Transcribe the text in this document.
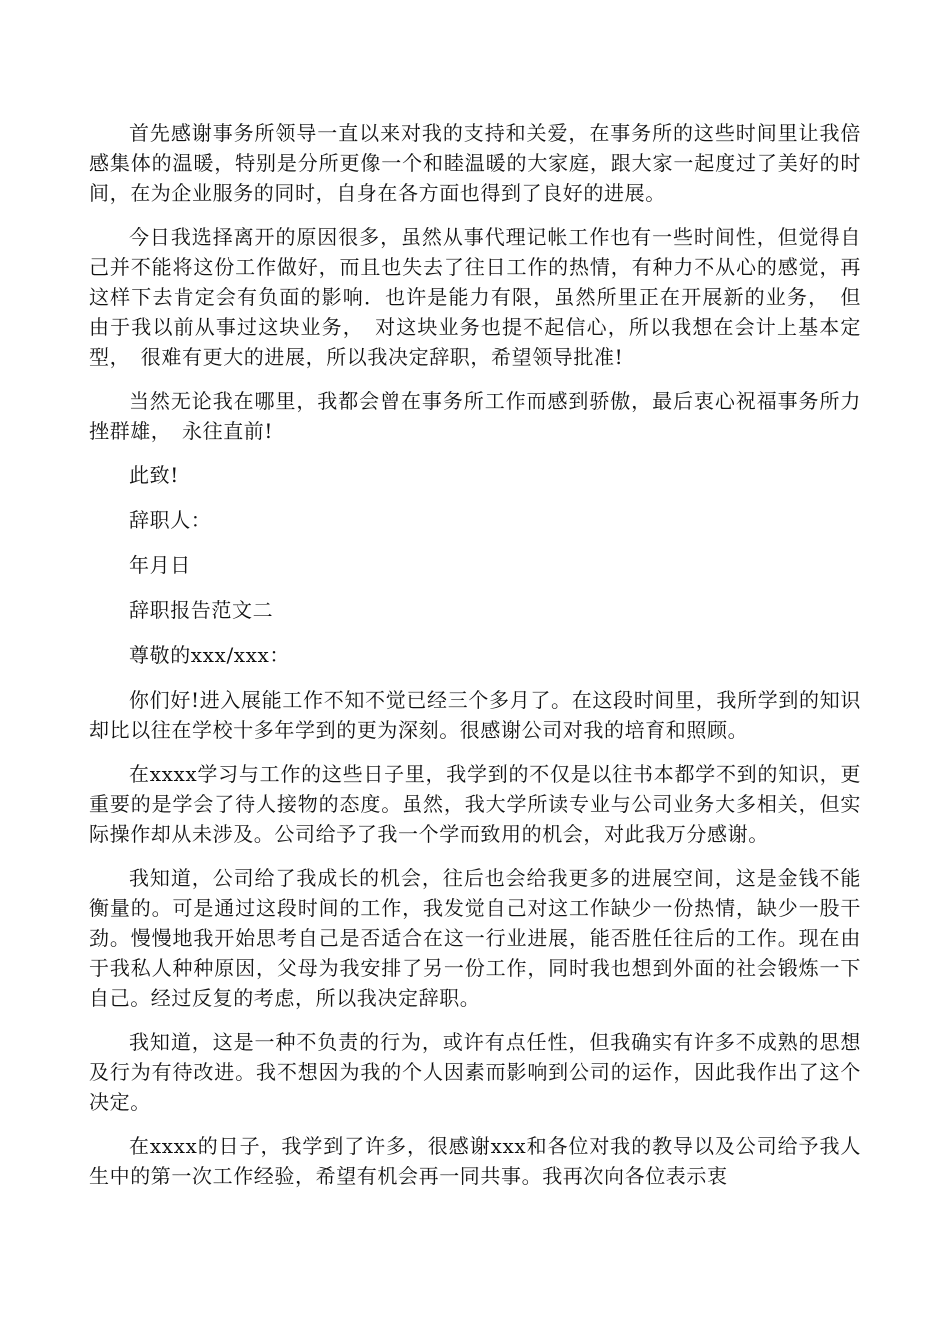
首先感谢事务所领导一直以来对我的支持和关爱，在事务所的这些时间里让我倍感集体的温暖，特别是分所更像一个和睦温暖的大家庭，跟大家一起度过了美好的时间，在为企业服务的同时，自身在各方面也得到了良好的进展。

今日我选择离开的原因很多，虽然从事代理记帐工作也有一些时间性，但觉得自己并不能将这份工作做好，而且也失去了往日工作的热情，有种力不从心的感觉，再这样下去肯定会有负面的影响．也许是能力有限，虽然所里正在开展新的业务，　但由于我以前从事过这块业务，　对这块业务也提不起信心，所以我想在会计上基本定型，　很难有更大的进展，所以我决定辞职，希望领导批准!

当然无论我在哪里，我都会曾在事务所工作而感到骄傲，最后衷心祝福事务所力挫群雄，　永往直前!

此致!

辞职人：

年月日

辞职报告范文二

尊敬的xxx/xxx：

你们好!进入展能工作不知不觉已经三个多月了。在这段时间里，我所学到的知识却比以往在学校十多年学到的更为深刻。很感谢公司对我的培育和照顾。

在xxxx学习与工作的这些日子里，我学到的不仅是以往书本都学不到的知识，更重要的是学会了待人接物的态度。虽然，我大学所读专业与公司业务大多相关，但实际操作却从未涉及。公司给予了我一个学而致用的机会，对此我万分感谢。

我知道，公司给了我成长的机会，往后也会给我更多的进展空间，这是金钱不能衡量的。可是通过这段时间的工作，我发觉自己对这工作缺少一份热情，缺少一股干劲。慢慢地我开始思考自己是否适合在这一行业进展，能否胜任往后的工作。现在由于我私人种种原因，父母为我安排了另一份工作，同时我也想到外面的社会锻炼一下自己。经过反复的考虑，所以我决定辞职。

我知道，这是一种不负责的行为，或许有点任性，但我确实有许多不成熟的思想及行为有待改进。我不想因为我的个人因素而影响到公司的运作，因此我作出了这个决定。

在xxxx的日子，我学到了许多，很感谢xxx和各位对我的教导以及公司给予我人生中的第一次工作经验，希望有机会再一同共事。我再次向各位表示衷
